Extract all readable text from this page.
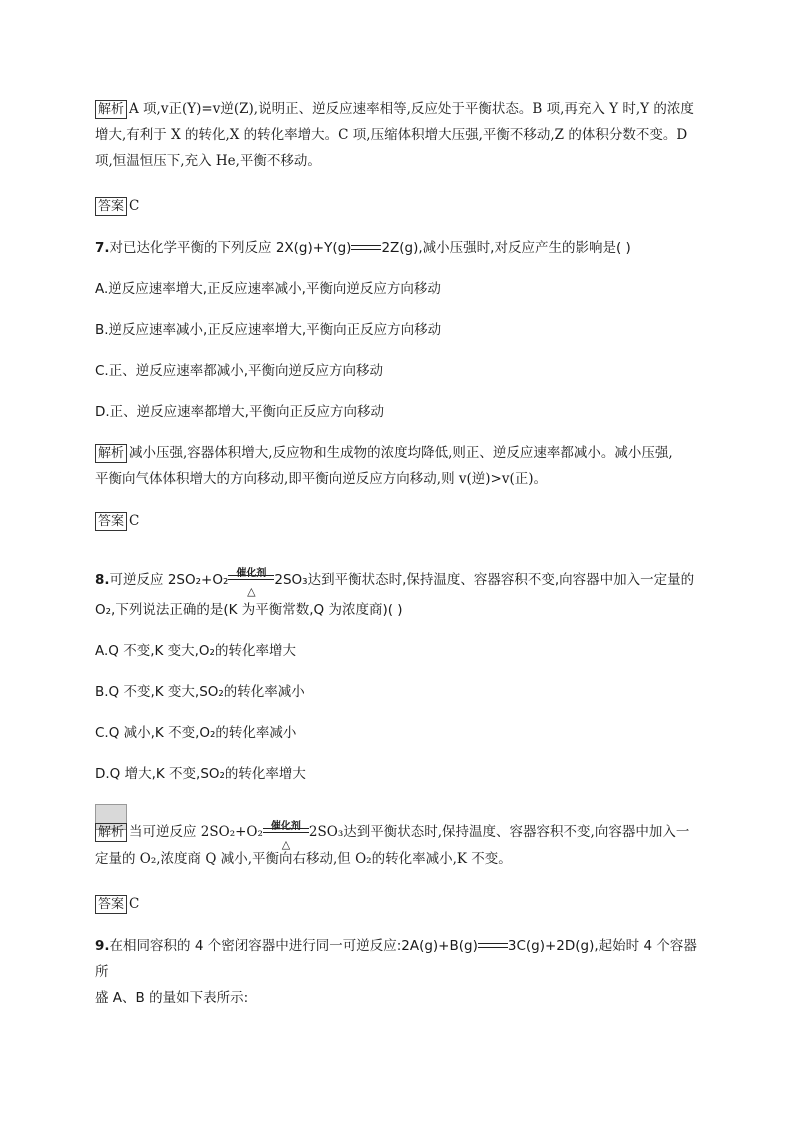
解析 A 项,v正(Y)=v逆(Z),说明正、逆反应速率相等,反应处于平衡状态。B 项,再充入 Y 时,Y 的浓度
增大,有利于 X 的转化,X 的转化率增大。C 项,压缩体积增大压强,平衡不移动,Z 的体积分数不变。D
项,恒温恒压下,充入 He,平衡不移动。
答案 C
7.对已达化学平衡的下列反应 2X(g)+Y(g) 2Z(g),减小压强时,对反应产生的影响是( )
A.逆反应速率增大,正反应速率减小,平衡向逆反应方向移动
B.逆反应速率减小,正反应速率增大,平衡向正反应方向移动
C.正、逆反应速率都减小,平衡向逆反应方向移动
D.正、逆反应速率都增大,平衡向正反应方向移动
解析 减小压强,容器体积增大,反应物和生成物的浓度均降低,则正、逆反应速率都减小。减小压强,
平衡向气体体积增大的方向移动,即平衡向逆反应方向移动,则 v(逆)>v(正)。
答案 C
8.可逆反应 2SO₂+O₂ 催化剂
△
2SO₃达到平衡状态时,保持温度、容器容积不变,向容器中加入一定量的
O₂,下列说法正确的是(K 为平衡常数,Q 为浓度商)( )
A.Q 不变,K 变大,O₂的转化率增大
B.Q 不变,K 变大,SO₂的转化率减小
C.Q 减小,K 不变,O₂的转化率减小
D.Q 增大,K 不变,SO₂的转化率增大
解析 当可逆反应 2SO₂+O₂ 催化剂
△
2SO₃达到平衡状态时,保持温度、容器容积不变,向容器中加入一
定量的 O₂,浓度商 Q 减小,平衡向右移动,但 O₂的转化率减小,K 不变。
答案 C
9.在相同容积的 4 个密闭容器中进行同一可逆反应:2A(g)+B(g) 3C(g)+2D(g),起始时 4 个容器所
盛 A、B 的量如下表所示:
